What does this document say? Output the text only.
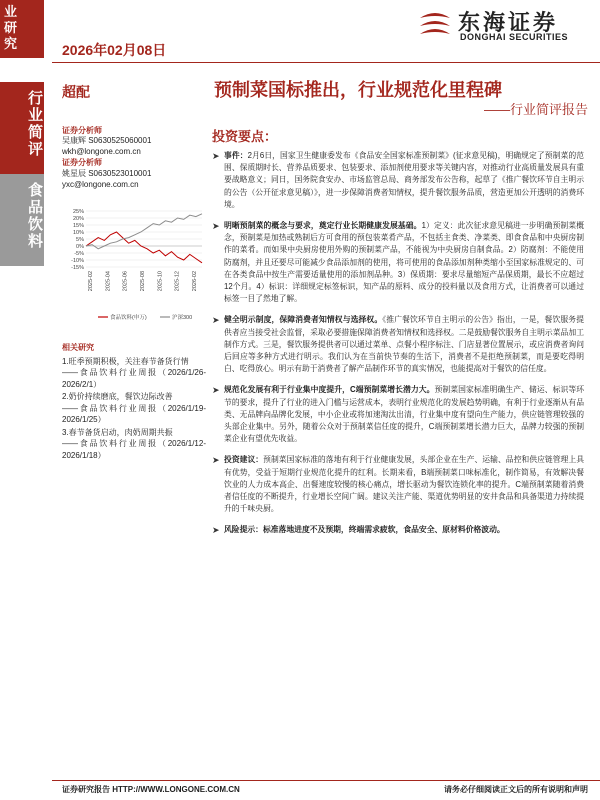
业研究
行业简评
食品饮料
2026年02月08日
东海证券
DONGHAI SECURITIES
超配	预制菜国标推出，行业规范化里程碑
——行业简评报告
证券分析师
吴康辉 S0630525060001
wkh@longone.com.cn
证券分析师
姚星辰 S0630523010001
yxc@longone.com.cn
25%
20%
15%
10%
5%
0%
-5%
-10%
-15%
2025-02 2025-04 2025-06 2025-08 2025-10 2025-12 2026-02
食品饮料(申万)	沪深300
相关研究
1.旺季预期积极，关注春节备货行情
——食品饮料行业周报（2026/1/26-2026/2/1）
2.奶价持续磨底，餐饮边际改善
——食品饮料行业周报（2026/1/19-2026/1/25）
3.春节备货启动，肉奶周期共振
——食品饮料行业周报（2026/1/12-2026/1/18）
投资要点：
➤ 事件：2月6日，国家卫生健康委发布《食品安全国家标准预制菜》(征求意见稿)，明确规定了预制菜的范围、保质期时长、营养品质要求、包装要求、添加剂使用要求等关键内容，对推动行业高质量发展具有重要战略意义；同日，国务院食安办、市场监管总局、商务部发布公告称，起草了《推广餐饮环节自主明示的公告（公开征求意见稿）》，进一步保障消费者知情权，提升餐饮服务品质，营造更加公开透明的消费环境。
➤ 明晰预制菜的概念与要求，奠定行业长期健康发展基础。1）定义：此次征求意见稿进一步明确预制菜概念，预制菜是加热或熟制后方可食用的预包装菜肴产品，不包括主食类、净菜类、即食食品和中央厨房制作的菜肴。而如果中央厨房使用外购的预制菜产品，不能视为中央厨房自制食品。2）防腐剂：不能使用防腐剂，并且还要尽可能减少食品添加剂的使用，将可使用的食品添加剂种类缩小至国家标准规定的、可在各类食品中按生产需要适量使用的添加剂品种。3）保质期：要求尽量缩短产品保质期，最长不应超过12个月。4）标识：详细规定标签标识，知产品的原料、成分的投料量以及食用方式，让消费者可以通过标签一目了然地了解。
➤ 健全明示制度，保障消费者知情权与选择权。《推广餐饮环节自主明示的公告》指出，一是，餐饮服务提供者应当接受社会监督，采取必要措施保障消费者知情权和选择权。二是鼓励餐饮服务自主明示菜品加工制作方式。三是，餐饮服务提供者可以通过菜单、点餐小程序标注、门店显著位置展示，或应消费者询问后回应等多种方式进行明示。我们认为在当前快节奏的生活下，消费者不是拒绝预制菜，而是要吃得明白、吃得放心。明示有助于消费者了解产品制作环节的真实情况，也能提高对于餐饮的信任度。
➤ 规范化发展有利于行业集中度提升，C端预制菜增长潜力大。预制菜国家标准明确生产、储运、标识等环节的要求，提升了行业的进入门槛与运营成本，表明行业规范化的发展趋势明确，有利于行业逐渐从有品类、无品牌向品牌化发展，中小企业或将加速淘汰出清，行业集中度有望向生产能力，供应链管理较强的头部企业集中。另外，随着公众对于预制菜信任度的提升，C端预制菜增长潜力巨大，品牌力较强的预制菜企业有望优先收益。
➤ 投资建议：预制菜国家标准的落地有利于行业健康发展，头部企业在生产、运输、品控和供应链管理上具有优势，受益于短期行业规范化提升的红利。长期来看，B端预制菜口味标准化，制作简易，有效解决餐饮业的人力成本高企、出餐速度较慢的核心痛点，增长驱动为餐饮连锁化率的提升。C端预制菜随着消费者信任度的不断提升，行业增长空间广阔。建议关注产能、渠道优势明显的安井食品和具备渠道力持续提升的千味央厨。
➤ 风险提示：标准落地进度不及预期，终端需求疲软，食品安全、原材料价格波动。
证券研究报告 HTTP://WWW.LONGONE.COM.CN	请务必仔细阅读正文后的所有说明和声明
